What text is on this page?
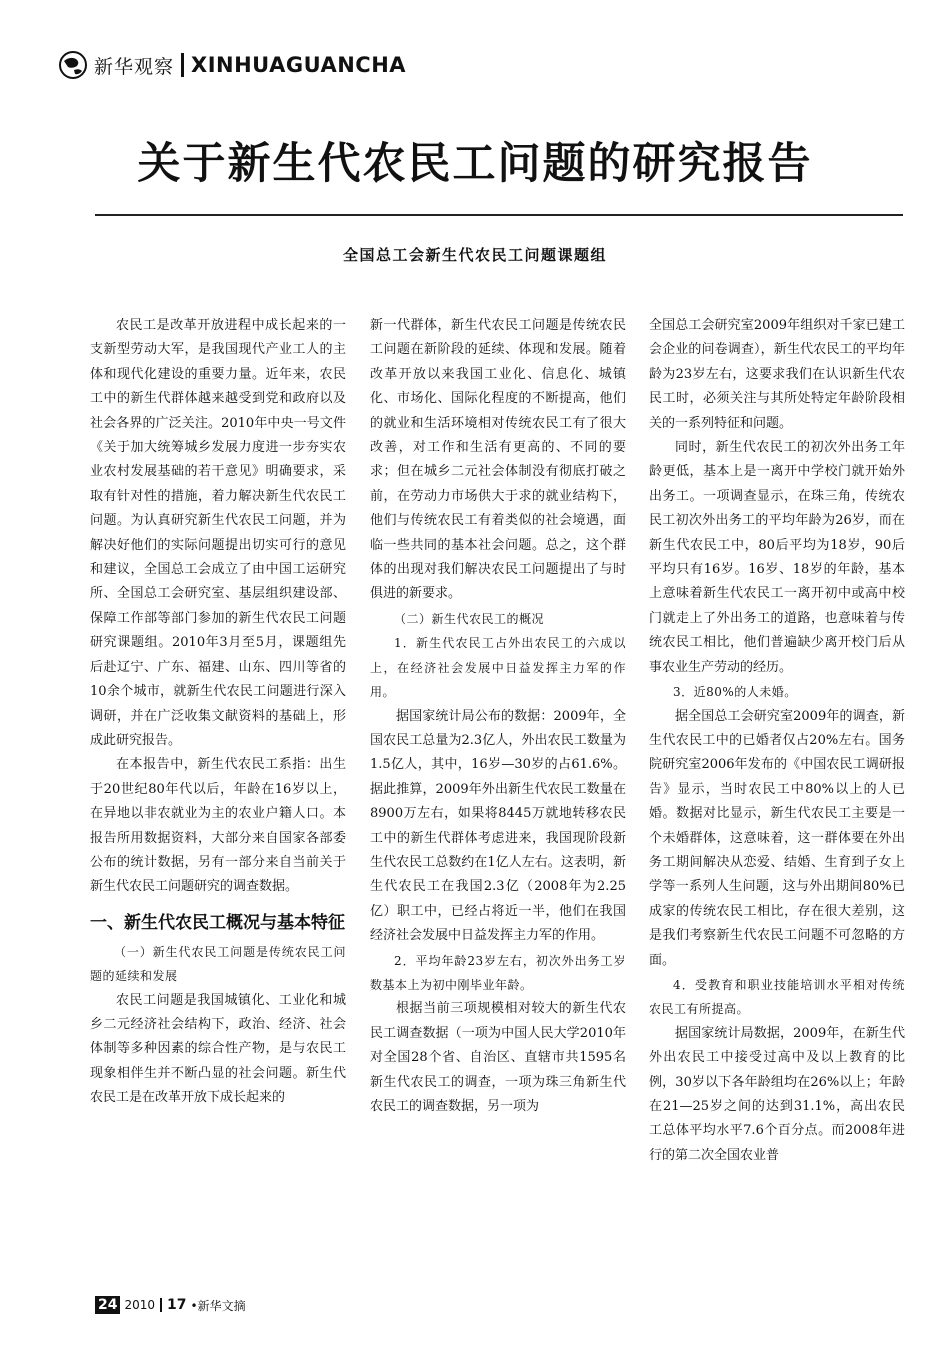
新华观察 XINHUAGUANCHA
关于新生代农民工问题的研究报告
全国总工会新生代农民工问题课题组

农民工是改革开放进程中成长起来的一支新型劳动大军，是我国现代产业工人的主体和现代化建设的重要力量。近年来，农民工中的新生代群体越来越受到党和政府以及社会各界的广泛关注。2010年中央一号文件《关于加大统筹城乡发展力度进一步夯实农业农村发展基础的若干意见》明确要求，采取有针对性的措施，着力解决新生代农民工问题。为认真研究新生代农民工问题，并为解决好他们的实际问题提出切实可行的意见和建议，全国总工会成立了由中国工运研究所、全国总工会研究室、基层组织建设部、保障工作部等部门参加的新生代农民工问题研究课题组。2010年3月至5月，课题组先后赴辽宁、广东、福建、山东、四川等省的10余个城市，就新生代农民工问题进行深入调研，并在广泛收集文献资料的基础上，形成此研究报告。

在本报告中，新生代农民工系指：出生于20世纪80年代以后，年龄在16岁以上，在异地以非农就业为主的农业户籍人口。本报告所用数据资料，大部分来自国家各部委公布的统计数据，另有一部分来自当前关于新生代农民工问题研究的调查数据。

一、新生代农民工概况与基本特征

（一）新生代农民工问题是传统农民工问题的延续和发展

农民工问题是我国城镇化、工业化和城乡二元经济社会结构下，政治、经济、社会体制等多种因素的综合性产物，是与农民工现象相伴生并不断凸显的社会问题。新生代农民工是在改革开放下成长起来的

新一代群体，新生代农民工问题是传统农民工问题在新阶段的延续、体现和发展。随着改革开放以来我国工业化、信息化、城镇化、市场化、国际化程度的不断提高，他们的就业和生活环境相对传统农民工有了很大改善，对工作和生活有更高的、不同的要求；但在城乡二元社会体制没有彻底打破之前，在劳动力市场供大于求的就业结构下，他们与传统农民工有着类似的社会境遇，面临一些共同的基本社会问题。总之，这个群体的出现对我们解决农民工问题提出了与时俱进的新要求。

（二）新生代农民工的概况

1．新生代农民工占外出农民工的六成以上，在经济社会发展中日益发挥主力军的作用。

据国家统计局公布的数据：2009年，全国农民工总量为2.3亿人，外出农民工数量为1.5亿人，其中，16岁—30岁的占61.6%。据此推算，2009年外出新生代农民工数量在8900万左右，如果将8445万就地转移农民工中的新生代群体考虑进来，我国现阶段新生代农民工总数约在1亿人左右。这表明，新生代农民工在我国2.3亿（2008年为2.25亿）职工中，已经占将近一半，他们在我国经济社会发展中日益发挥主力军的作用。

2．平均年龄23岁左右，初次外出务工岁数基本上为初中刚毕业年龄。

根据当前三项规模相对较大的新生代农民工调查数据（一项为中国人民大学2010年对全国28个省、自治区、直辖市共1595名新生代农民工的调查，一项为珠三角新生代农民工的调查数据，另一项为

全国总工会研究室2009年组织对千家已建工会企业的问卷调查），新生代农民工的平均年龄为23岁左右，这要求我们在认识新生代农民工时，必须关注与其所处特定年龄阶段相关的一系列特征和问题。

同时，新生代农民工的初次外出务工年龄更低，基本上是一离开中学校门就开始外出务工。一项调查显示，在珠三角，传统农民工初次外出务工的平均年龄为26岁，而在新生代农民工中，80后平均为18岁，90后平均只有16岁。16岁、18岁的年龄，基本上意味着新生代农民工一离开初中或高中校门就走上了外出务工的道路，也意味着与传统农民工相比，他们普遍缺少离开校门后从事农业生产劳动的经历。

3．近80%的人未婚。

据全国总工会研究室2009年的调查，新生代农民工中的已婚者仅占20%左右。国务院研究室2006年发布的《中国农民工调研报告》显示，当时农民工中80%以上的人已婚。数据对比显示，新生代农民工主要是一个未婚群体，这意味着，这一群体要在外出务工期间解决从恋爱、结婚、生育到子女上学等一系列人生问题，这与外出期间80%已成家的传统农民工相比，存在很大差别，这是我们考察新生代农民工问题不可忽略的方面。

4．受教育和职业技能培训水平相对传统农民工有所提高。

据国家统计局数据，2009年，在新生代外出农民工中接受过高中及以上教育的比例，30岁以下各年龄组均在26%以上；年龄在21—25岁之间的达到31.1%，高出农民工总体平均水平7.6个百分点。而2008年进行的第二次全国农业普

24 2010 17 •新华文摘
